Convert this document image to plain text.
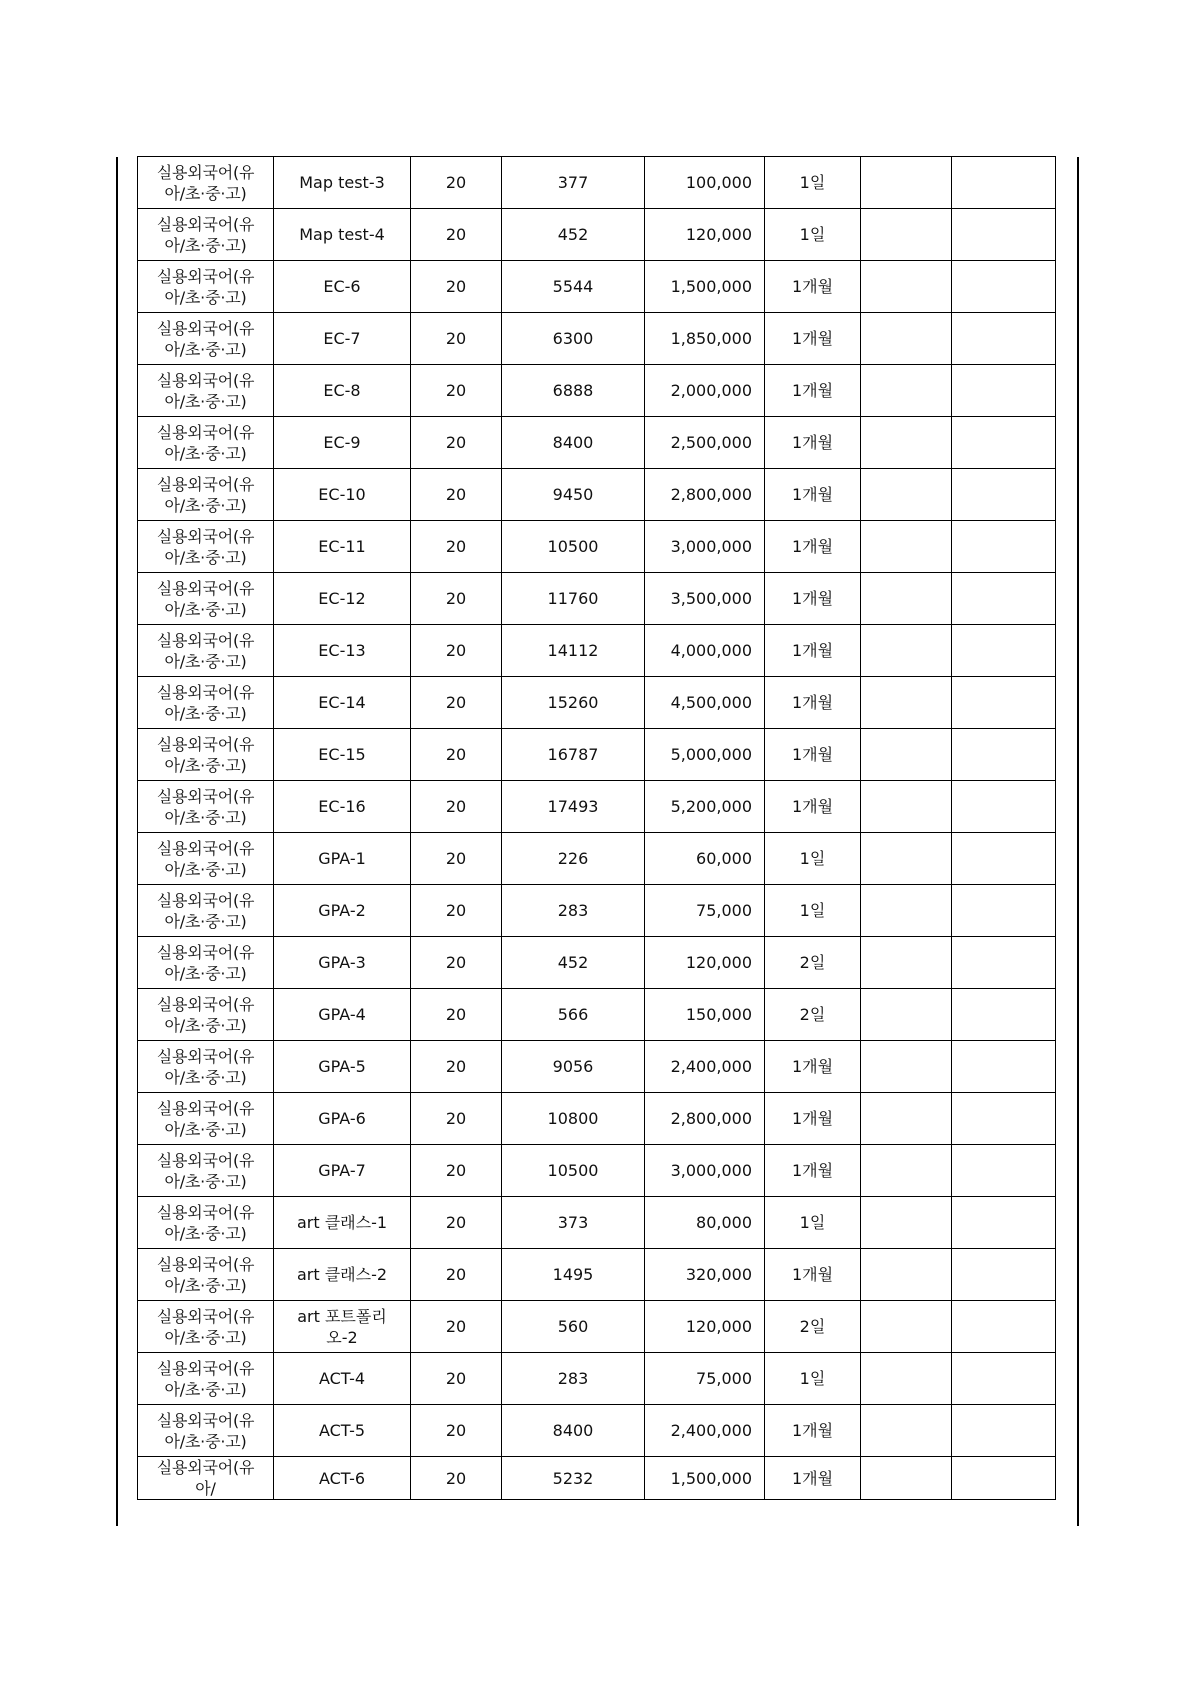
실용외국어(유아/초·중·고)	Map test-3	20	377	100,000	1일		
실용외국어(유아/초·중·고)	Map test-4	20	452	120,000	1일		
실용외국어(유아/초·중·고)	EC-6	20	5544	1,500,000	1개월		
실용외국어(유아/초·중·고)	EC-7	20	6300	1,850,000	1개월		
실용외국어(유아/초·중·고)	EC-8	20	6888	2,000,000	1개월		
실용외국어(유아/초·중·고)	EC-9	20	8400	2,500,000	1개월		
실용외국어(유아/초·중·고)	EC-10	20	9450	2,800,000	1개월		
실용외국어(유아/초·중·고)	EC-11	20	10500	3,000,000	1개월		
실용외국어(유아/초·중·고)	EC-12	20	11760	3,500,000	1개월		
실용외국어(유아/초·중·고)	EC-13	20	14112	4,000,000	1개월		
실용외국어(유아/초·중·고)	EC-14	20	15260	4,500,000	1개월		
실용외국어(유아/초·중·고)	EC-15	20	16787	5,000,000	1개월		
실용외국어(유아/초·중·고)	EC-16	20	17493	5,200,000	1개월		
실용외국어(유아/초·중·고)	GPA-1	20	226	60,000	1일		
실용외국어(유아/초·중·고)	GPA-2	20	283	75,000	1일		
실용외국어(유아/초·중·고)	GPA-3	20	452	120,000	2일		
실용외국어(유아/초·중·고)	GPA-4	20	566	150,000	2일		
실용외국어(유아/초·중·고)	GPA-5	20	9056	2,400,000	1개월		
실용외국어(유아/초·중·고)	GPA-6	20	10800	2,800,000	1개월		
실용외국어(유아/초·중·고)	GPA-7	20	10500	3,000,000	1개월		
실용외국어(유아/초·중·고)	art 클래스-1	20	373	80,000	1일		
실용외국어(유아/초·중·고)	art 클래스-2	20	1495	320,000	1개월		
실용외국어(유아/초·중·고)	art 포트폴리오-2	20	560	120,000	2일		
실용외국어(유아/초·중·고)	ACT-4	20	283	75,000	1일		
실용외국어(유아/초·중·고)	ACT-5	20	8400	2,400,000	1개월		
실용외국어(유아/	ACT-6	20	5232	1,500,000	1개월		
